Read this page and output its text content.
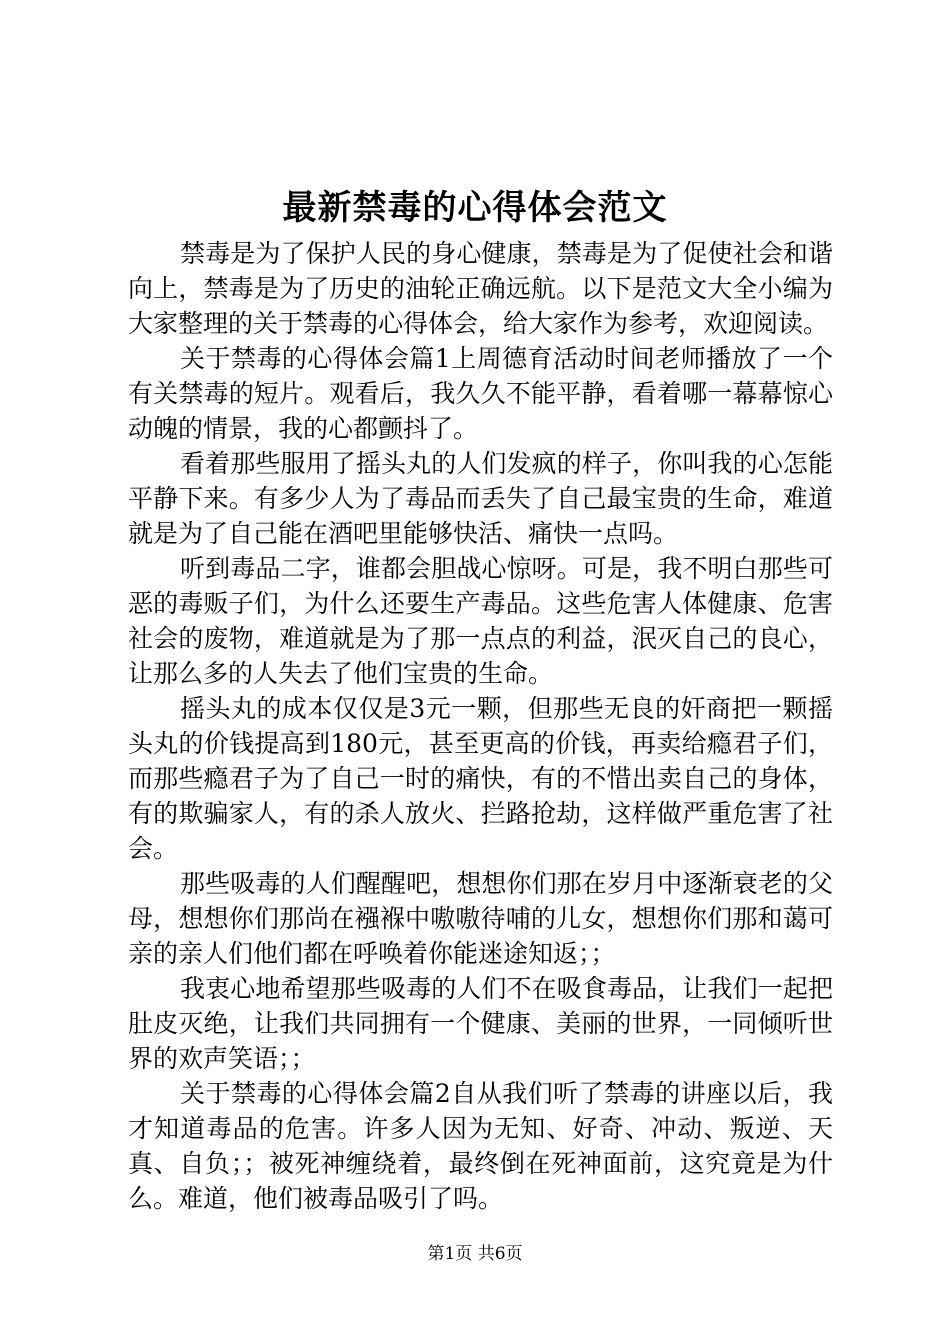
最新禁毒的心得体会范文

禁毒是为了保护人民的身心健康，禁毒是为了促使社会和谐向上，禁毒是为了历史的油轮正确远航。以下是范文大全小编为大家整理的关于禁毒的心得体会，给大家作为参考，欢迎阅读。

关于禁毒的心得体会篇1上周德育活动时间老师播放了一个有关禁毒的短片。观看后，我久久不能平静，看着哪一幕幕惊心动魄的情景，我的心都颤抖了。

看着那些服用了摇头丸的人们发疯的样子，你叫我的心怎能平静下来。有多少人为了毒品而丢失了自己最宝贵的生命，难道就是为了自己能在酒吧里能够快活、痛快一点吗。

听到毒品二字，谁都会胆战心惊呀。可是，我不明白那些可恶的毒贩子们，为什么还要生产毒品。这些危害人体健康、危害社会的废物，难道就是为了那一点点的利益，泯灭自己的良心，让那么多的人失去了他们宝贵的生命。

摇头丸的成本仅仅是3元一颗，但那些无良的奸商把一颗摇头丸的价钱提高到180元，甚至更高的价钱，再卖给瘾君子们，而那些瘾君子为了自己一时的痛快，有的不惜出卖自己的身体，有的欺骗家人，有的杀人放火、拦路抢劫，这样做严重危害了社会。

那些吸毒的人们醒醒吧，想想你们那在岁月中逐渐衰老的父母，想想你们那尚在襁褓中嗷嗷待哺的儿女，想想你们那和蔼可亲的亲人们他们都在呼唤着你能迷途知返；；

我衷心地希望那些吸毒的人们不在吸食毒品，让我们一起把肚皮灭绝，让我们共同拥有一个健康、美丽的世界，一同倾听世界的欢声笑语；；

关于禁毒的心得体会篇2自从我们听了禁毒的讲座以后，我才知道毒品的危害。许多人因为无知、好奇、冲动、叛逆、天真、自负；；被死神缠绕着，最终倒在死神面前，这究竟是为什么。难道，他们被毒品吸引了吗。

第1页 共6页
